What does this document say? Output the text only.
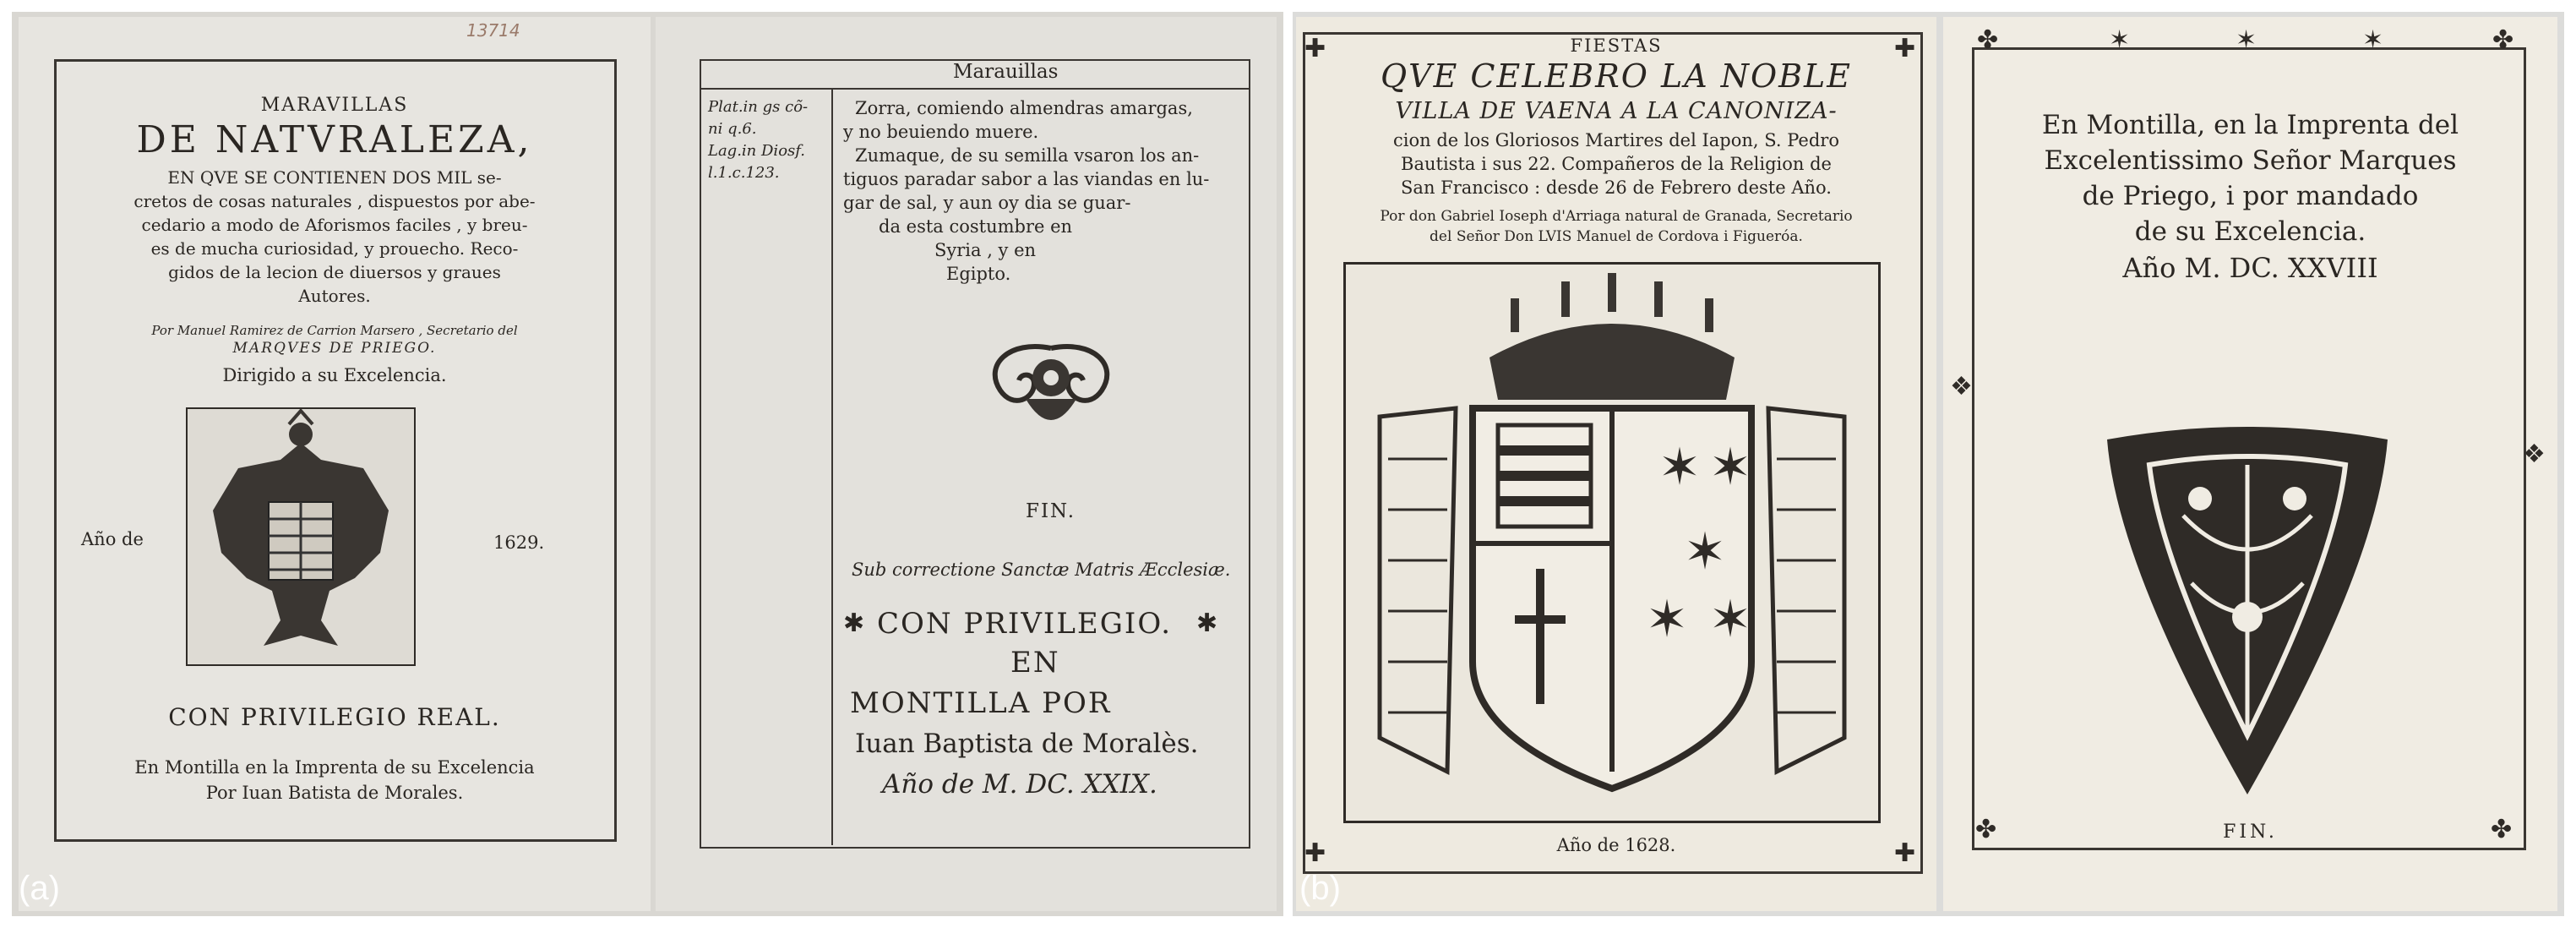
13714
MARAVILLAS
DE NATVRALEZA,
EN QVE SE CONTIENEN DOS MIL se-
cretos de cosas naturales , dispuestos por abe-
cedario a modo de Aforismos faciles , y breu-
es de mucha curiosidad, y prouecho. Reco-
gidos de la lecion de diuersos y graues
Autores.
Por Manuel Ramirez de Carrion Marsero , Secretario del
MARQVES DE PRIEGO.
Dirigido a su Excelencia.
Año de	1629.
CON PRIVILEGIO REAL.
En Montilla en la Imprenta de su Excelencia
Por Iuan Batista de Morales.
Marauillas
Plat.in gs cõ-
ni q.6.
Lag.in Diosf.
l.1.c.123.
Zorra, comiendo almendras amargas,
y no beuiendo muere.
Zumaque, de su semilla vsaron los an-
tiguos paradar sabor a las viandas en lu-
gar de sal, y aun oy dia se guar-
da esta costumbre en
Syria , y en
Egipto.
FIN.
Sub correctione Sanctæ Matris Æcclesiæ.
✱ CON PRIVILEGIO. ✱
EN
MONTILLA POR
Iuan Baptista de Moralès.
Año de M. DC. XXIX.
(a)
✚	✚
✚	✚
FIESTAS
QVE CELEBRO LA NOBLE
VILLA DE VAENA A LA CANONIZA-
cion de los Gloriosos Martires del Iapon, S. Pedro
Bautista i sus 22. Compañeros de la Religion de
San Francisco : desde 26 de Febrero deste Año.
Por don Gabriel Ioseph d'Arriaga natural de Granada, Secretario
del Señor Don LVIS Manuel de Cordova i Figueróa.
✶ ✶
✶
✶ ✶
Año de 1628.
✤	✶	✶	✶	✤
❖
❖
✤	✤
En Montilla, en la Imprenta del
Excelentissimo Señor Marques
de Priego, i por mandado
de su Excelencia.
Año M. DC. XXVIII
FIN.
(b)
